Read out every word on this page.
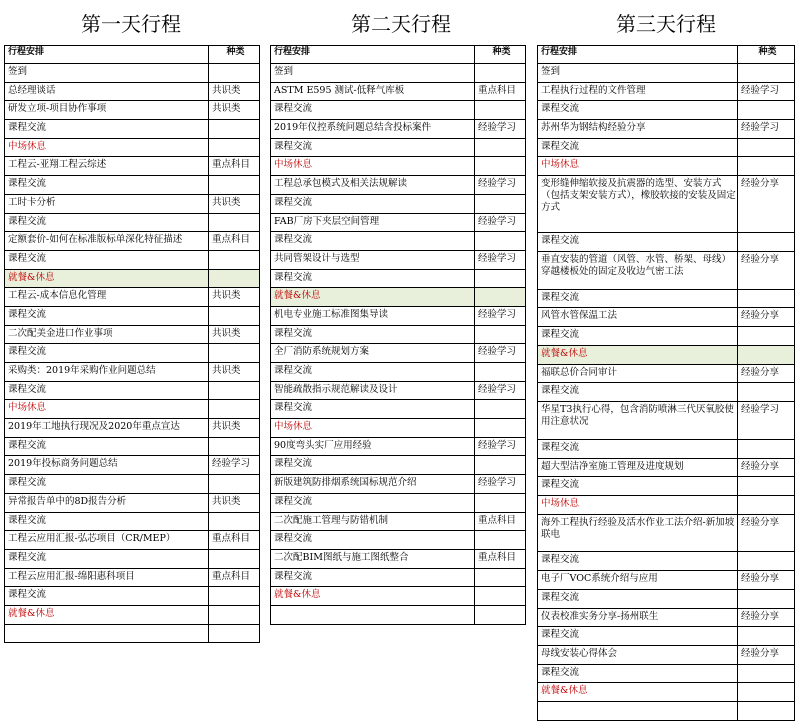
第一天行程	第二天行程	第三天行程
行程安排	种类
签到	
总经理谈话	共识类
研发立项-项目协作事项	共识类
课程交流	
中场休息	
工程云-亚翔工程云综述	重点科目
课程交流	
工时卡分析	共识类
课程交流	
定额套价-如何在标准版标单深化特征描述	重点科目
课程交流	
就餐&休息	
工程云-成本信息化管理	共识类
课程交流	
二次配美金进口作业事项	共识类
课程交流	
采购类：2019年采购作业问题总结	共识类
课程交流	
中场休息	
2019年工地执行现况及2020年重点宣达	共识类
课程交流	
2019年投标商务问题总结	经验学习
课程交流	
异常报告单中的8D报告分析	共识类
课程交流	
工程云应用汇报-弘芯项目（CR/MEP）	重点科目
课程交流	
工程云应用汇报-绵阳惠科项目	重点科目
课程交流	
就餐&休息	

行程安排	种类
签到	
ASTM E595 测试-低释气库板	重点科目
课程交流	
2019年仪控系统问题总结含投标案件	经验学习
课程交流	
中场休息	
工程总承包模式及相关法规解读	经验学习
课程交流	
FAB厂房下夹层空间管理	经验学习
课程交流	
共同管架设计与选型	经验学习
课程交流	
就餐&休息	
机电专业施工标准图集导读	经验学习
课程交流	
全厂消防系统规划方案	经验学习
课程交流	
智能疏散指示规范解读及设计	经验学习
课程交流	
中场休息	
90度弯头实厂应用经验	经验学习
课程交流	
新版建筑防排烟系统国标规范介绍	经验学习
课程交流	
二次配施工管理与防错机制	重点科目
课程交流	
二次配BIM图纸与施工图纸整合	重点科目
课程交流	
就餐&休息	

行程安排	种类
签到	
工程执行过程的文件管理	经验学习
课程交流	
苏州华为钢结构经验分享	经验学习
课程交流	
中场休息	
变形缝伸缩软接及抗震器的选型、安装方式（包括支架安装方式），橡胶软接的安装及固定方式	经验分享
课程交流	
垂直安装的管道（风管、水管、桥架、母线）穿越楼板处的固定及收边气密工法	经验分享
课程交流	
风管水管保温工法	经验分享
课程交流	
就餐&休息	
福联总价合同审计	经验分享
课程交流	
华星T3执行心得，包含消防喷淋三代厌氧胶使用注意状况	经验学习
课程交流	
超大型洁净室施工管理及进度规划	经验分享
课程交流	
中场休息	
海外工程执行经验及活水作业工法介绍-新加坡联电	经验分享
课程交流	
电子厂VOC系统介绍与应用	经验分享
课程交流	
仪表校准实务分享-扬州联生	经验分享
课程交流	
母线安装心得体会	经验分享
课程交流	
就餐&休息	
